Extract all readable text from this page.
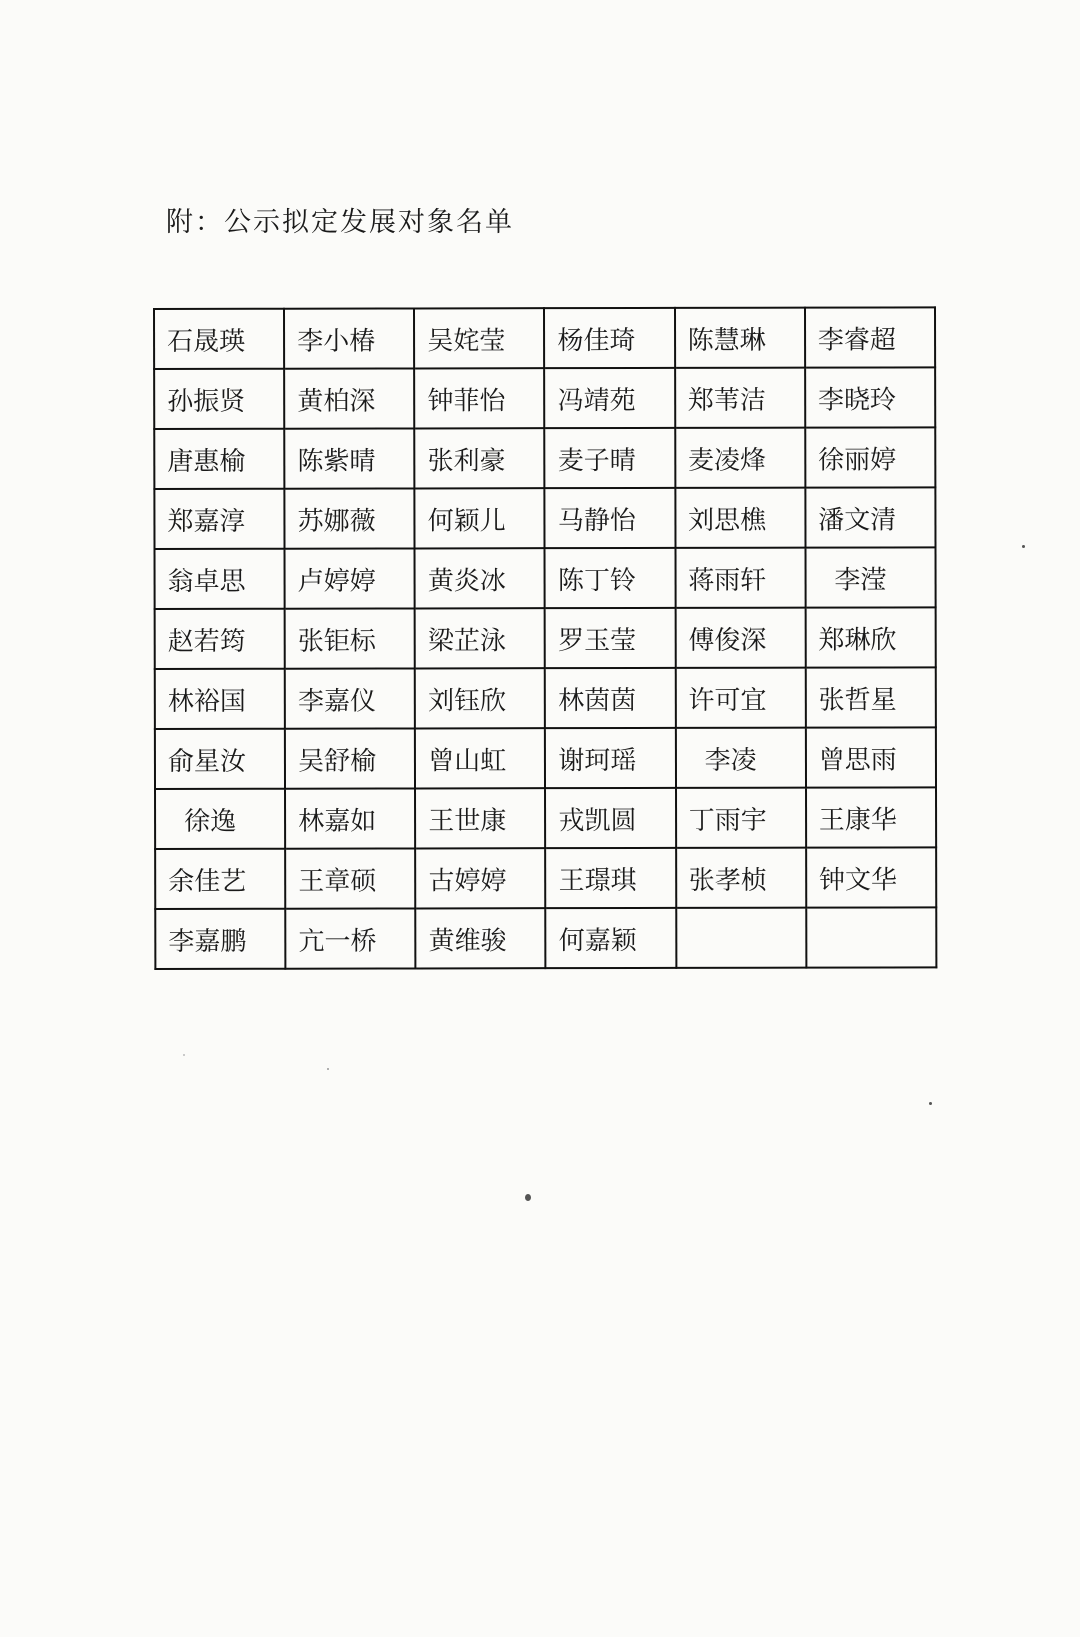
附：公示拟定发展对象名单
石晟瑛	李小椿	吴姹莹	杨佳琦	陈慧琳	李睿超
孙振贤	黄柏深	钟菲怡	冯靖苑	郑苇洁	李晓玲
唐惠榆	陈紫晴	张利豪	麦子晴	麦凌烽	徐丽婷
郑嘉淳	苏娜薇	何颖儿	马静怡	刘思樵	潘文清
翁卓思	卢婷婷	黄炎冰	陈丁铃	蒋雨轩	李滢
赵若筠	张钜标	梁芷泳	罗玉莹	傅俊深	郑琳欣
林裕国	李嘉仪	刘钰欣	林茵茵	许可宜	张哲星
俞星汝	吴舒榆	曾山虹	谢珂瑶	李凌	曾思雨
徐逸	林嘉如	王世康	戎凯圆	丁雨宇	王康华
余佳艺	王章硕	古婷婷	王璟琪	张孝桢	钟文华
李嘉鹏	亢一桥	黄维骏	何嘉颖		
